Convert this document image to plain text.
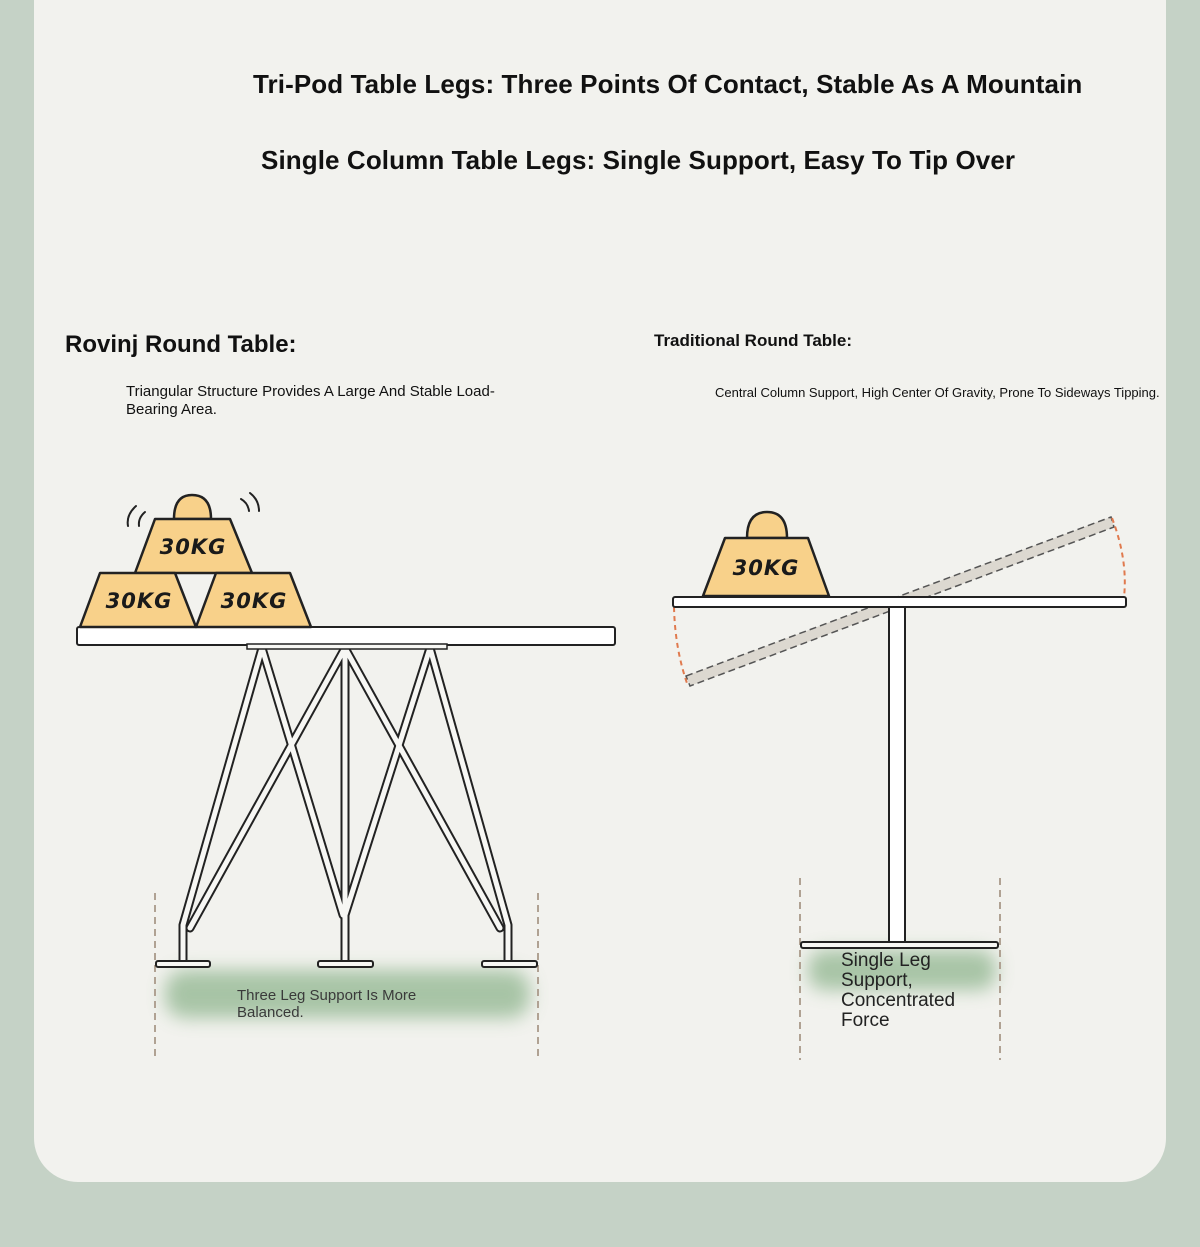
Tri-Pod Table Legs: Three Points Of Contact, Stable As A Mountain

Single Column Table Legs: Single Support, Easy To Tip Over

Rovinj Round Table:

Triangular Structure Provides A Large And Stable Load-Bearing Area.

Traditional Round Table:

Central Column Support, High Center Of Gravity, Prone To Sideways Tipping.

30KG
30KG 30KG
30KG

Three Leg Support Is More Balanced.

Single Leg Support, Concentrated Force
